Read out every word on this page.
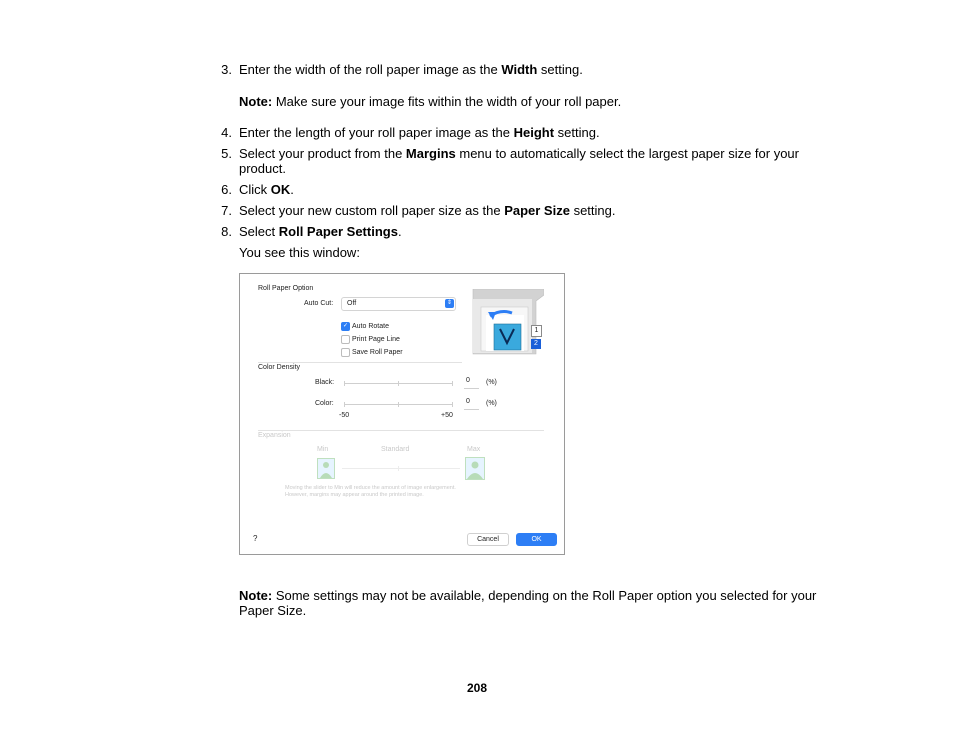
3. Enter the width of the roll paper image as the Width setting.
Note: Make sure your image fits within the width of your roll paper.
4. Enter the length of your roll paper image as the Height setting.
5. Select your product from the Margins menu to automatically select the largest paper size for your product.
6. Click OK.
7. Select your new custom roll paper size as the Paper Size setting.
8. Select Roll Paper Settings.
You see this window:
Roll Paper Option
Auto Cut: Off	⇕
✓ Auto Rotate
Print Page Line
Save Roll Paper
1
2
Color Density
Black:	0	(%)
Color:	0	(%)
-50	+50
Expansion
Min	Standard	Max
Moving the slider to Min will reduce the amount of image enlargement.
However, margins may appear around the printed image.
?	Cancel	OK
Note: Some settings may not be available, depending on the Roll Paper option you selected for your Paper Size.
208
